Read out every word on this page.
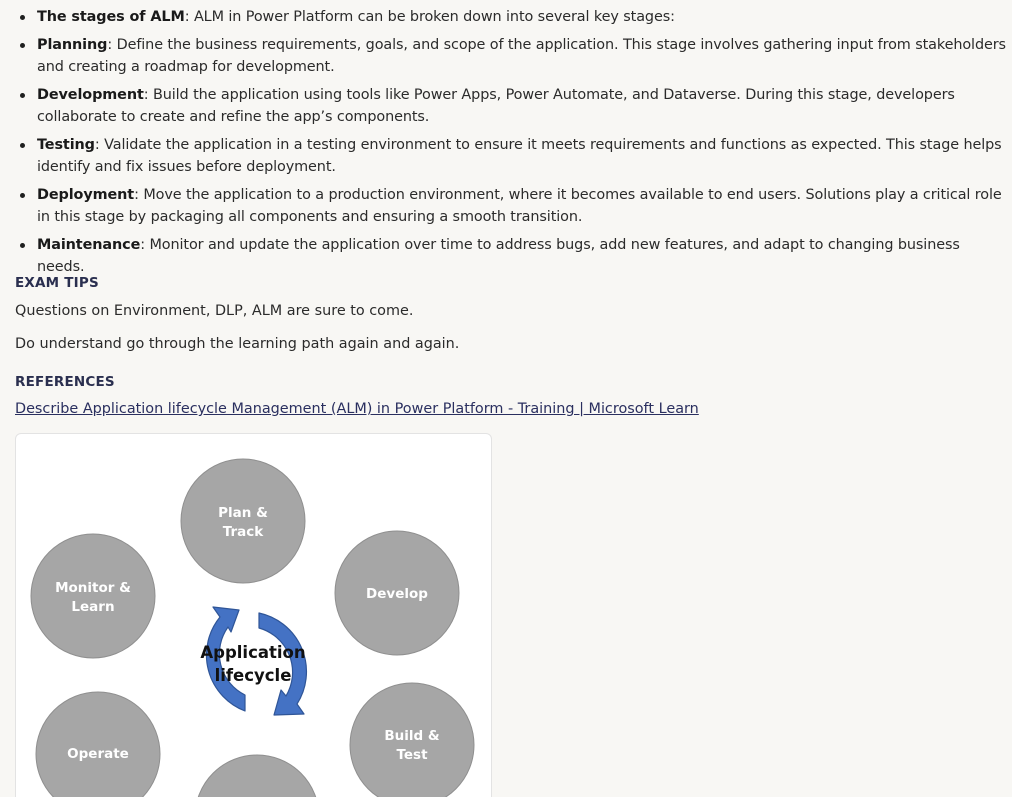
The stages of ALM: ALM in Power Platform can be broken down into several key stages:
Planning: Define the business requirements, goals, and scope of the application. This stage involves gathering input from stakeholders and creating a roadmap for development.
Development: Build the application using tools like Power Apps, Power Automate, and Dataverse. During this stage, developers collaborate to create and refine the app’s components.
Testing: Validate the application in a testing environment to ensure it meets requirements and functions as expected. This stage helps identify and fix issues before deployment.
Deployment: Move the application to a production environment, where it becomes available to end users. Solutions play a critical role in this stage by packaging all components and ensuring a smooth transition.
Maintenance: Monitor and update the application over time to address bugs, add new features, and adapt to changing business needs.
EXAM TIPS
Questions on Environment, DLP, ALM are sure to come.
Do understand go through the learning path again and again.
REFERENCES
Describe Application lifecycle Management (ALM) in Power Platform - Training | Microsoft Learn
Plan &
Track
Develop
Monitor &
Learn
Build &
Test
Operate
Application
lifecycle
